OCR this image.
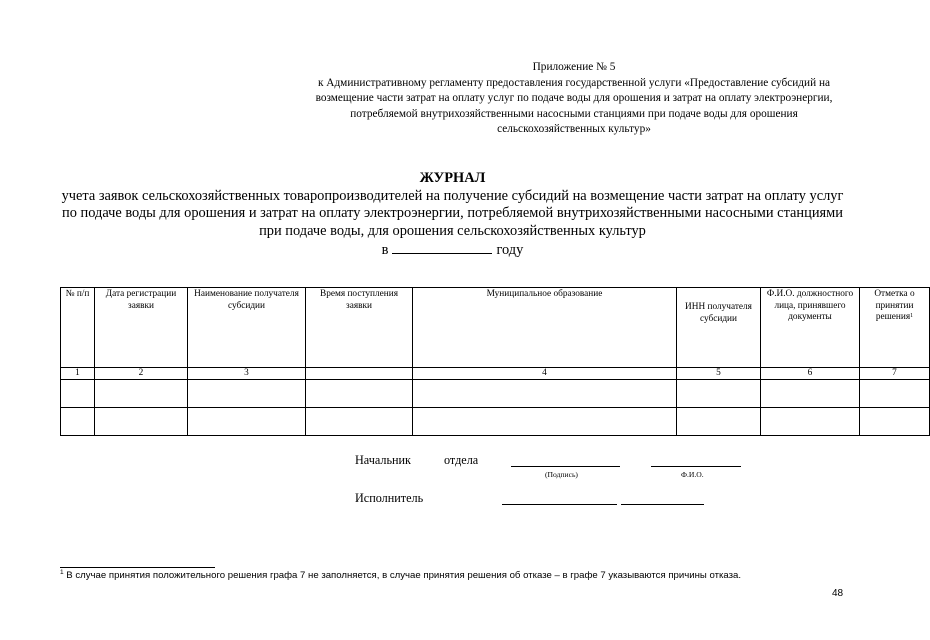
Приложение № 5
к Административному регламенту предоставления государственной услуги «Предоставление субсидий на возмещение части затрат на оплату услуг по подаче воды для орошения и затрат на оплату электроэнергии, потребляемой внутрихозяйственными насосными станциями при подаче воды для орошения сельскохозяйственных культур»
ЖУРНАЛ
учета заявок сельскохозяйственных товаропроизводителей на получение субсидий на возмещение части затрат на оплату услуг по подаче воды для орошения и затрат на оплату электроэнергии, потребляемой внутрихозяйственными насосными станциями при подаче воды, для орошения сельскохозяйственных культур
в	году
№ п/п	Дата регистрации заявки	Наименование получателя субсидии	Время поступления заявки	Муниципальное образование	ИНН получателя субсидии	Ф.И.О. должностного лица, принявшего документы	Отметка о принятии решения$^1$
1	2	3		4	5	6	7

Начальник	отдела
(Подпись)	Ф.И.О.
Исполнитель
$^1$ В случае принятия положительного решения графа 7 не заполняется, в случае принятия решения об отказе – в графе 7 указываются причины отказа.
48
